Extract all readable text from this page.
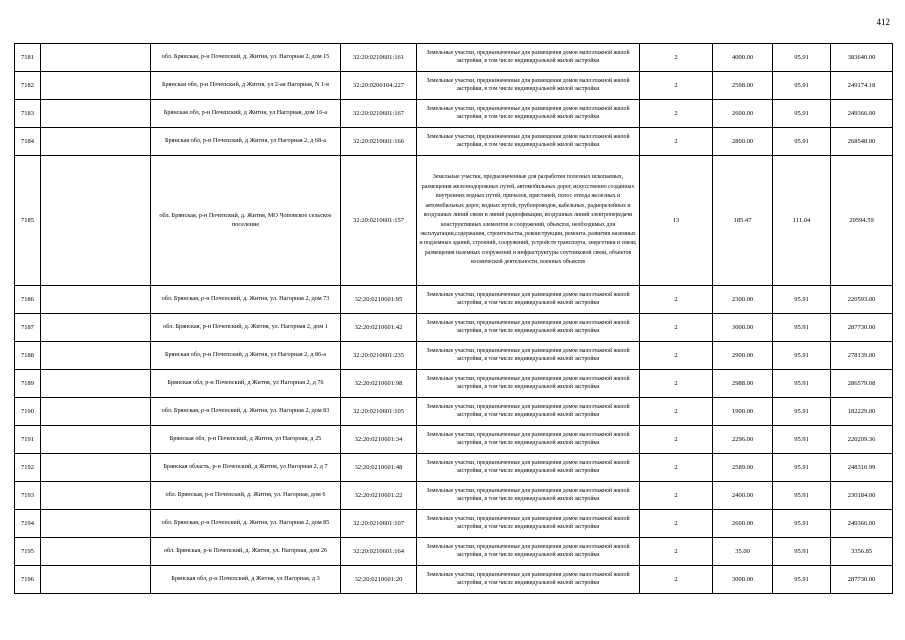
412
7181		обл. Брянская, р-н Почепский, д. Житня, ул. Нагорная 2, дом 15	32:20:0210601:161	Земельные участки, предназначенные для размещения домов малоэтажной жилой застройки, в том числе индивидуальной жилой застройки	2	4000.00	95.91	383640.00
7182		Брянская обл, р-н Почепский, д Житня, ул 2-ая Нагорная, N 1-в	32:20:0200104:227	Земельные участки, предназначенные для размещения домов малоэтажной жилой застройки, в том числе индивидуальной жилой застройки	2	2598.00	95.91	249174.18
7183		Брянская обл, р-н Почепский, д Житня, ул Нагорная, дом 16-а	32:20:0210601:167	Земельные участки, предназначенные для размещения домов малоэтажной жилой застройки, в том числе индивидуальной жилой застройки	2	2600.00	95.91	249366.00
7184		Брянская обл, р-н Почепский, д Житня, ул Нагорная 2, д 68-а	32:20:0210601:166	Земельные участки, предназначенные для размещения домов малоэтажной жилой застройки, в том числе индивидуальной жилой застройки	2	2800.00	95.91	268548.00
7185		обл. Брянская, р-н Почепский, д. Житня, МО Чоповское сельское поселение	32:20:0210601:157	Земельные участки, предназначенные для разработки полезных ископаемых, размещения железнодорожных путей, автомобильных дорог, искусственно созданных внутренних водных путей, причалов, пристаней, полос отвода железных и автомобильных дорог, водных путей, трубопроводов, кабельных, радиорелейных и воздушных линий связи и линий радиофикации, воздушных линий электропередачи конструктивных элементов и сооружений, объектов, необходимых для эксплуатации,содержания, строительства, реконструкции, ремонта, развития наземных и подземных зданий, строений, сооружений, устройств транспорта, энергетики и связи; размещения наземных сооружений и инфраструктуры спутниковой связи, объектов космической деятельности, военных объектов	13	185.47	111.04	20594.59
7186		обл. Брянская, р-н Почепский, д. Житня, ул. Нагорная 2, дом 73	32:20:0210601:95	Земельные участки, предназначенные для размещения домов малоэтажной жилой застройки, в том числе индивидуальной жилой застройки	2	2300.00	95.91	220593.00
7187		обл. Брянская, р-н Почепский, д. Житня, ул. Нагорная 2, дом 1	32:20:0210601:42	Земельные участки, предназначенные для размещения домов малоэтажной жилой застройки, в том числе индивидуальной жилой застройки	2	3000.00	95.91	287730.00
7188		Брянская обл, р-н Почепский, д Житня, ул Нагорная 2, д 86-а	32:20:0210601:235	Земельные участки, предназначенные для размещения домов малоэтажной жилой застройки, в том числе индивидуальной жилой застройки	2	2900.00	95.91	278139.00
7189		Брянская обл, р-н Почепский, д Житня, ул Нагорная 2, д 76	32:20:0210601:98	Земельные участки, предназначенные для размещения домов малоэтажной жилой застройки, в том числе индивидуальной жилой застройки	2	2988.00	95.91	286579.08
7190		обл. Брянская, р-н Почепский, д. Житня, ул. Нагорная 2, дом 83	32:20:0210601:105	Земельные участки, предназначенные для размещения домов малоэтажной жилой застройки, в том числе индивидуальной жилой застройки	2	1900.00	95.91	182229.00
7191		Брянская обл, р-н Почепский, д Житня, ул Нагорная, д 25	32:20:0210601:34	Земельные участки, предназначенные для размещения домов малоэтажной жилой застройки, в том числе индивидуальной жилой застройки	2	2296.00	95.91	220209.36
7192		Брянская область, р-н Почепский, д Житня, ул Нагорная 2, д 7	32:20:0210601:48	Земельные участки, предназначенные для размещения домов малоэтажной жилой застройки, в том числе индивидуальной жилой застройки	2	2589.00	95.91	248310.99
7193		обл. Брянская, р-н Почепский, д. Житня, ул. Нагорная, дом 6	32:20:0210601:22	Земельные участки, предназначенные для размещения домов малоэтажной жилой застройки, в том числе индивидуальной жилой застройки	2	2400.00	95.91	230184.00
7194		обл. Брянская, р-н Почепский, д. Житня, ул. Нагорная 2, дом 85	32:20:0210601:107	Земельные участки, предназначенные для размещения домов малоэтажной жилой застройки, в том числе индивидуальной жилой застройки	2	2600.00	95.91	249366.00
7195		обл. Брянская, р-н Почепский, д. Житня, ул. Нагорная, дом 26	32:20:0210601:164	Земельные участки, предназначенные для размещения домов малоэтажной жилой застройки, в том числе индивидуальной жилой застройки	2	35.00	95.91	3356.85
7196		Брянская обл, р-н Почепский, д Житня, ул Нагорная, д 3	32:20:0210601:20	Земельные участки, предназначенные для размещения домов малоэтажной жилой застройки, в том числе индивидуальной жилой застройки	2	3000.00	95.91	287730.00
